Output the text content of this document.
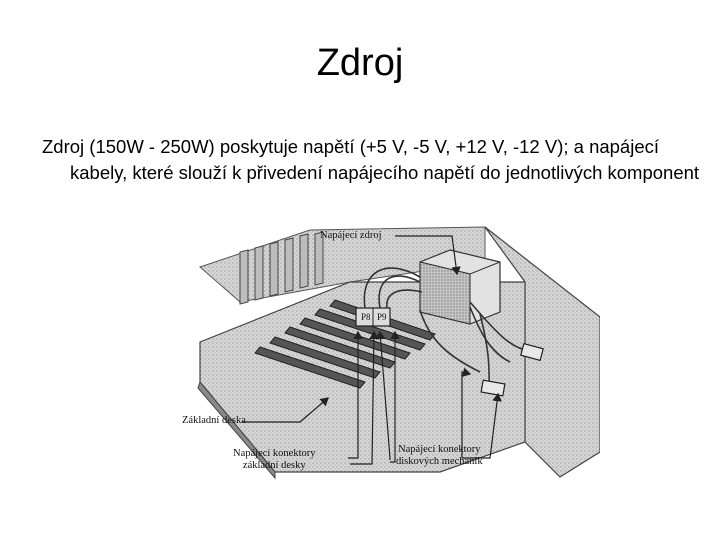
Zdroj
Zdroj (150W - 250W) poskytuje napětí (+5 V, -5 V, +12 V, -12 V); a napájecí kabely, které slouží k přivedení napájecího napětí do jednotlivých komponent
Napájecí zdroj
P8 P9
Základní deska
Napájecí konektory
základní desky
Napájecí konektory
diskových mechanik
